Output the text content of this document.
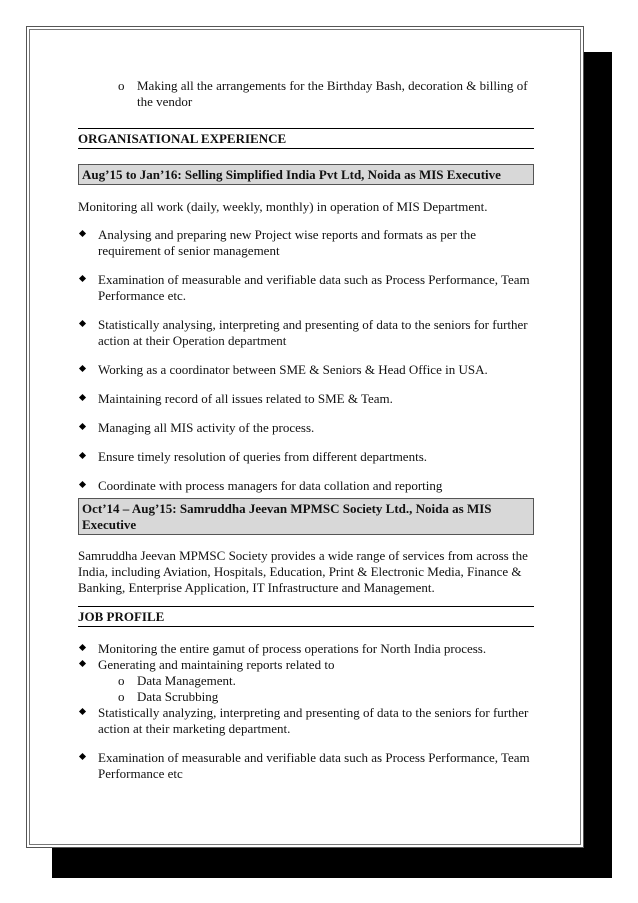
o Making all the arrangements for the Birthday Bash, decoration & billing of
the vendor
ORGANISATIONAL EXPERIENCE
Aug’15 to Jan’16: Selling Simplified India Pvt Ltd, Noida as MIS Executive
Monitoring all work (daily, weekly, monthly) in operation of MIS Department.
Analysing and preparing new Project wise reports and formats as per the requirement of senior management
Examination of measurable and verifiable data such as Process Performance, Team Performance etc.
Statistically analysing, interpreting and presenting of data to the seniors for further action at their Operation department
Working as a coordinator between SME & Seniors & Head Office in USA.
Maintaining record of all issues related to SME & Team.
Managing all MIS activity of the process.
Ensure timely resolution of queries from different departments.
Coordinate with process managers for data collation and reporting
Oct’14 – Aug’15: Samruddha Jeevan MPMSC Society Ltd., Noida as MIS Executive
Samruddha Jeevan MPMSC Society provides a wide range of services from across the India, including Aviation, Hospitals, Education, Print & Electronic Media, Finance & Banking, Enterprise Application, IT Infrastructure and Management.
JOB PROFILE
Monitoring the entire gamut of process operations for North India process.
Generating and maintaining reports related to
o Data Management.
o Data Scrubbing
Statistically analyzing, interpreting and presenting of data to the seniors for further action at their marketing department.
Examination of measurable and verifiable data such as Process Performance, Team Performance etc
